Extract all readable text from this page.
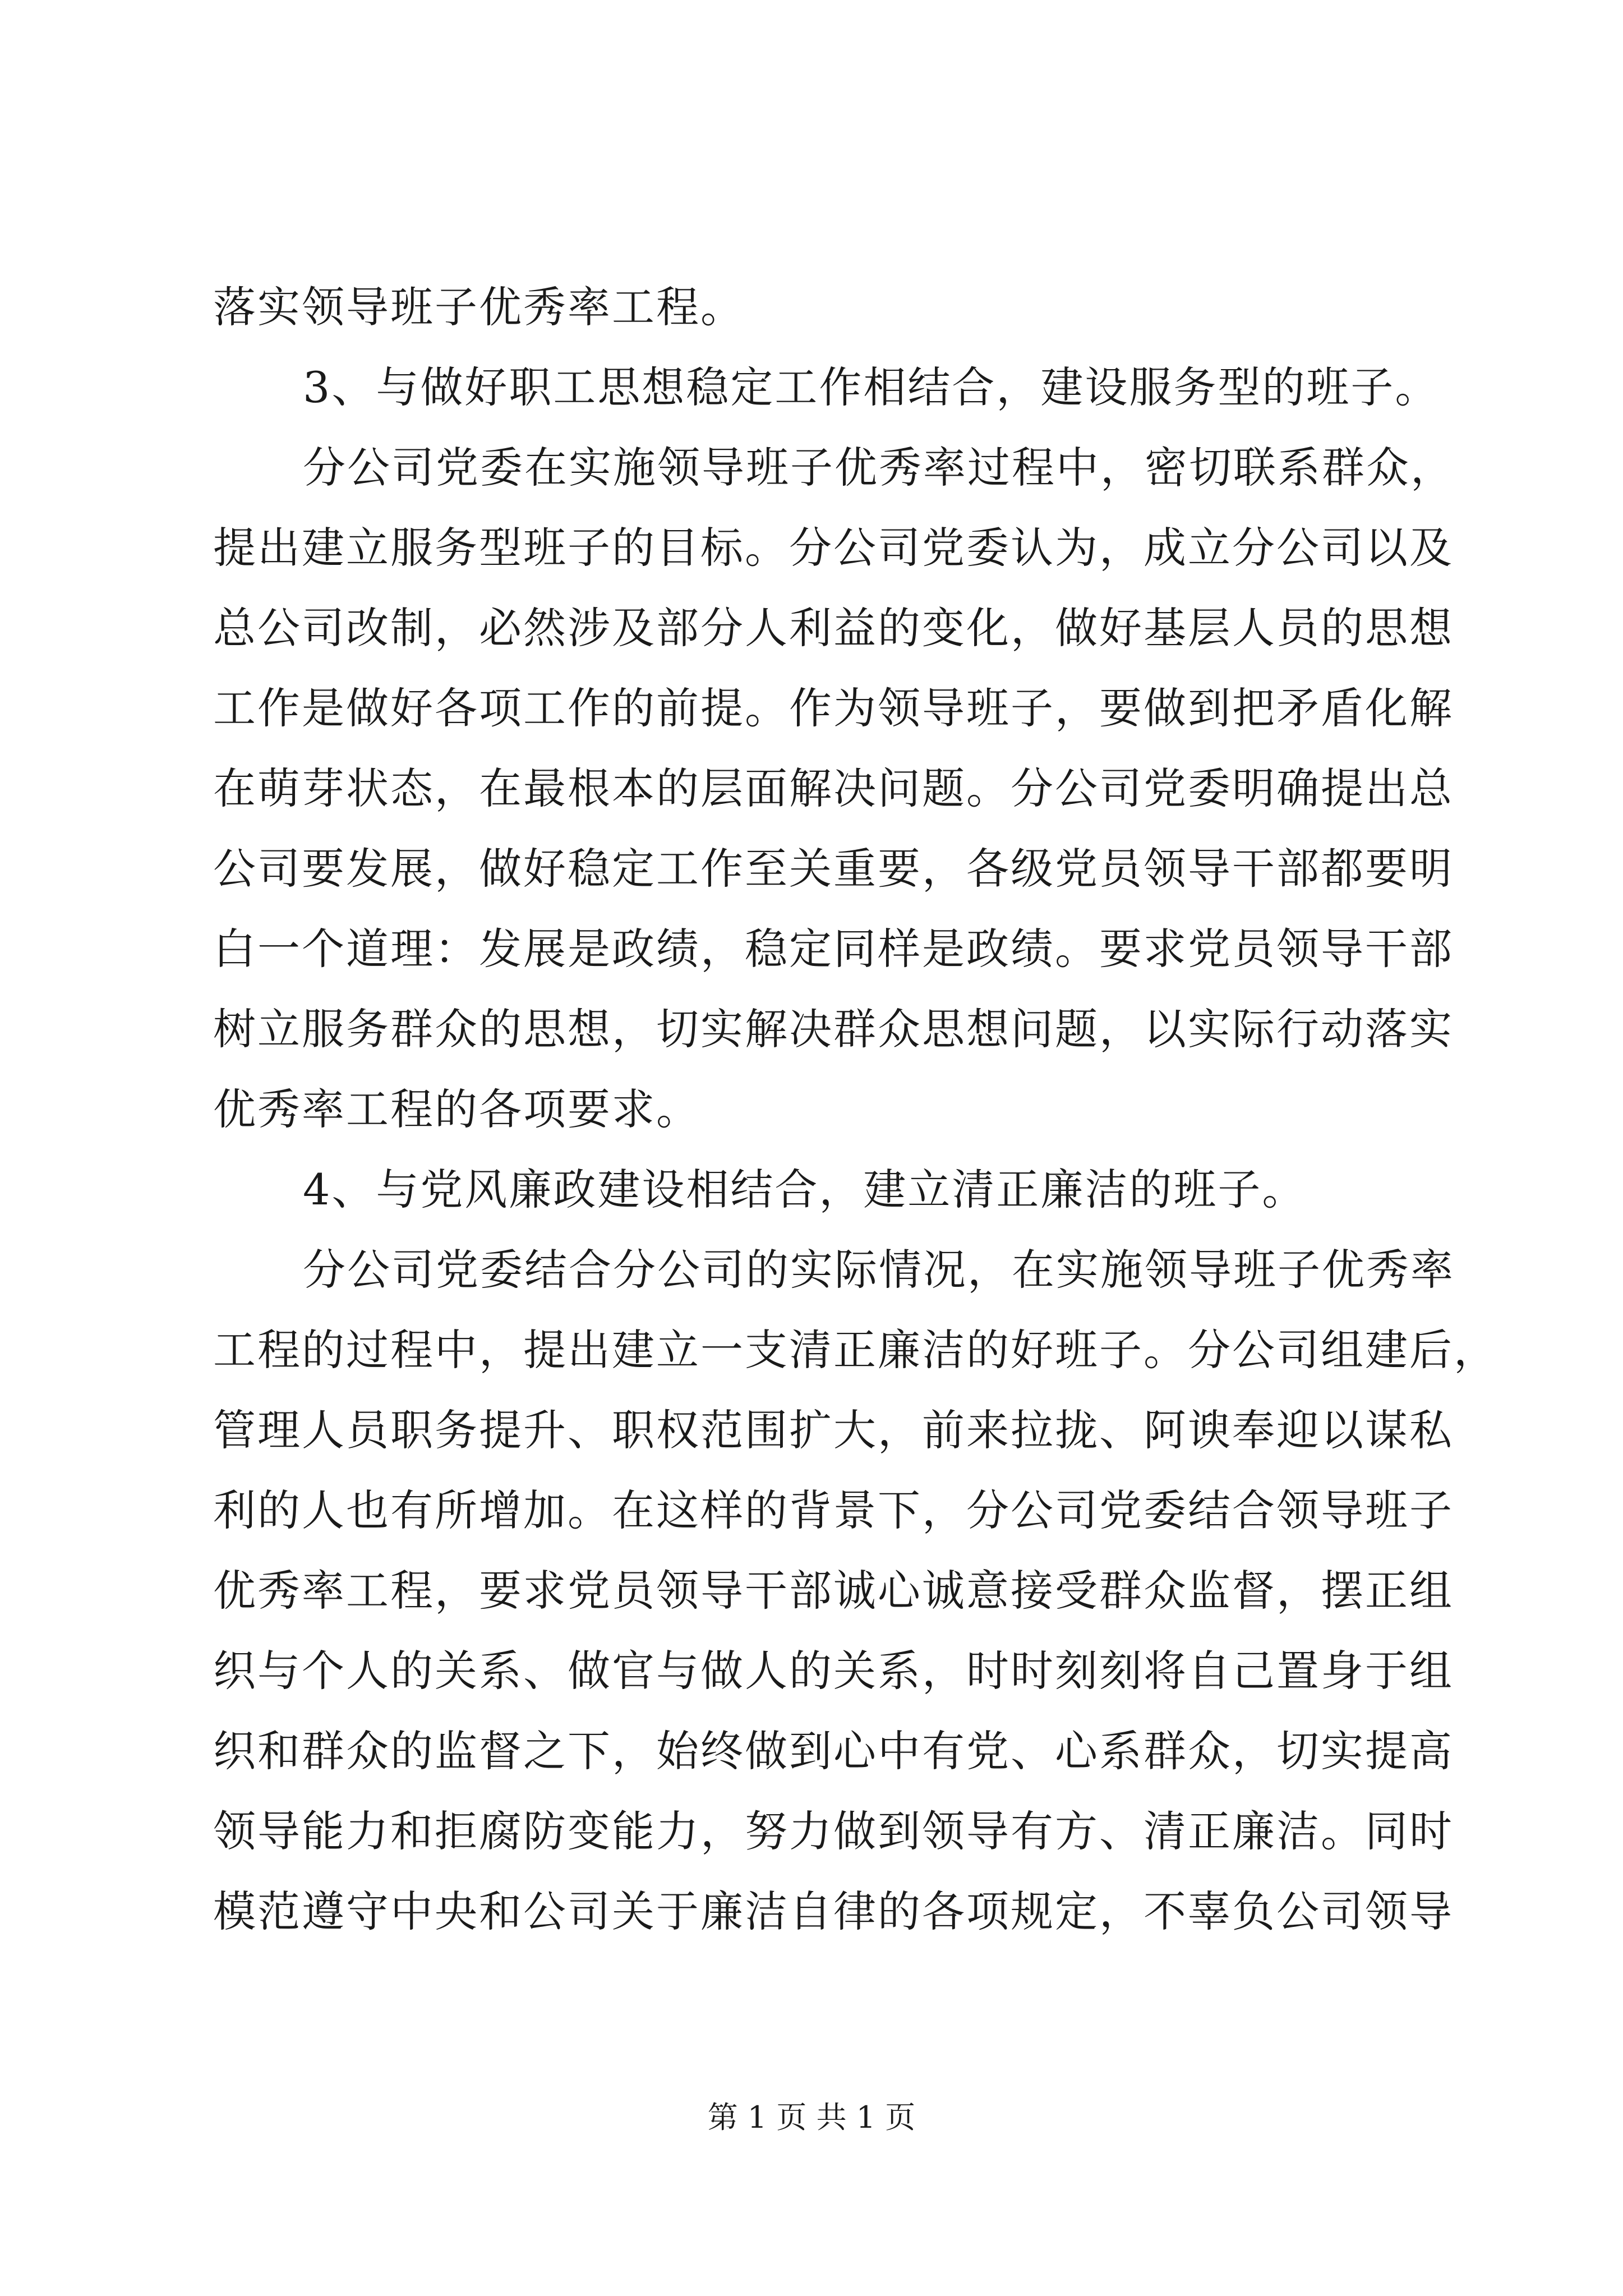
落实领导班子优秀率工程。
3、与做好职工思想稳定工作相结合，建设服务型的班子。
分公司党委在实施领导班子优秀率过程中，密切联系群众，
提出建立服务型班子的目标。分公司党委认为，成立分公司以及
总公司改制，必然涉及部分人利益的变化，做好基层人员的思想
工作是做好各项工作的前提。作为领导班子，要做到把矛盾化解
在萌芽状态，在最根本的层面解决问题。分公司党委明确提出总
公司要发展，做好稳定工作至关重要，各级党员领导干部都要明
白一个道理：发展是政绩，稳定同样是政绩。要求党员领导干部
树立服务群众的思想，切实解决群众思想问题，以实际行动落实
优秀率工程的各项要求。
4、与党风廉政建设相结合，建立清正廉洁的班子。
分公司党委结合分公司的实际情况，在实施领导班子优秀率
工程的过程中，提出建立一支清正廉洁的好班子。分公司组建后，
管理人员职务提升、职权范围扩大，前来拉拢、阿谀奉迎以谋私
利的人也有所增加。在这样的背景下，分公司党委结合领导班子
优秀率工程，要求党员领导干部诚心诚意接受群众监督，摆正组
织与个人的关系、做官与做人的关系，时时刻刻将自己置身于组
织和群众的监督之下，始终做到心中有党、心系群众，切实提高
领导能力和拒腐防变能力，努力做到领导有方、清正廉洁。同时
模范遵守中央和公司关于廉洁自律的各项规定，不辜负公司领导
第 1 页 共 1 页
